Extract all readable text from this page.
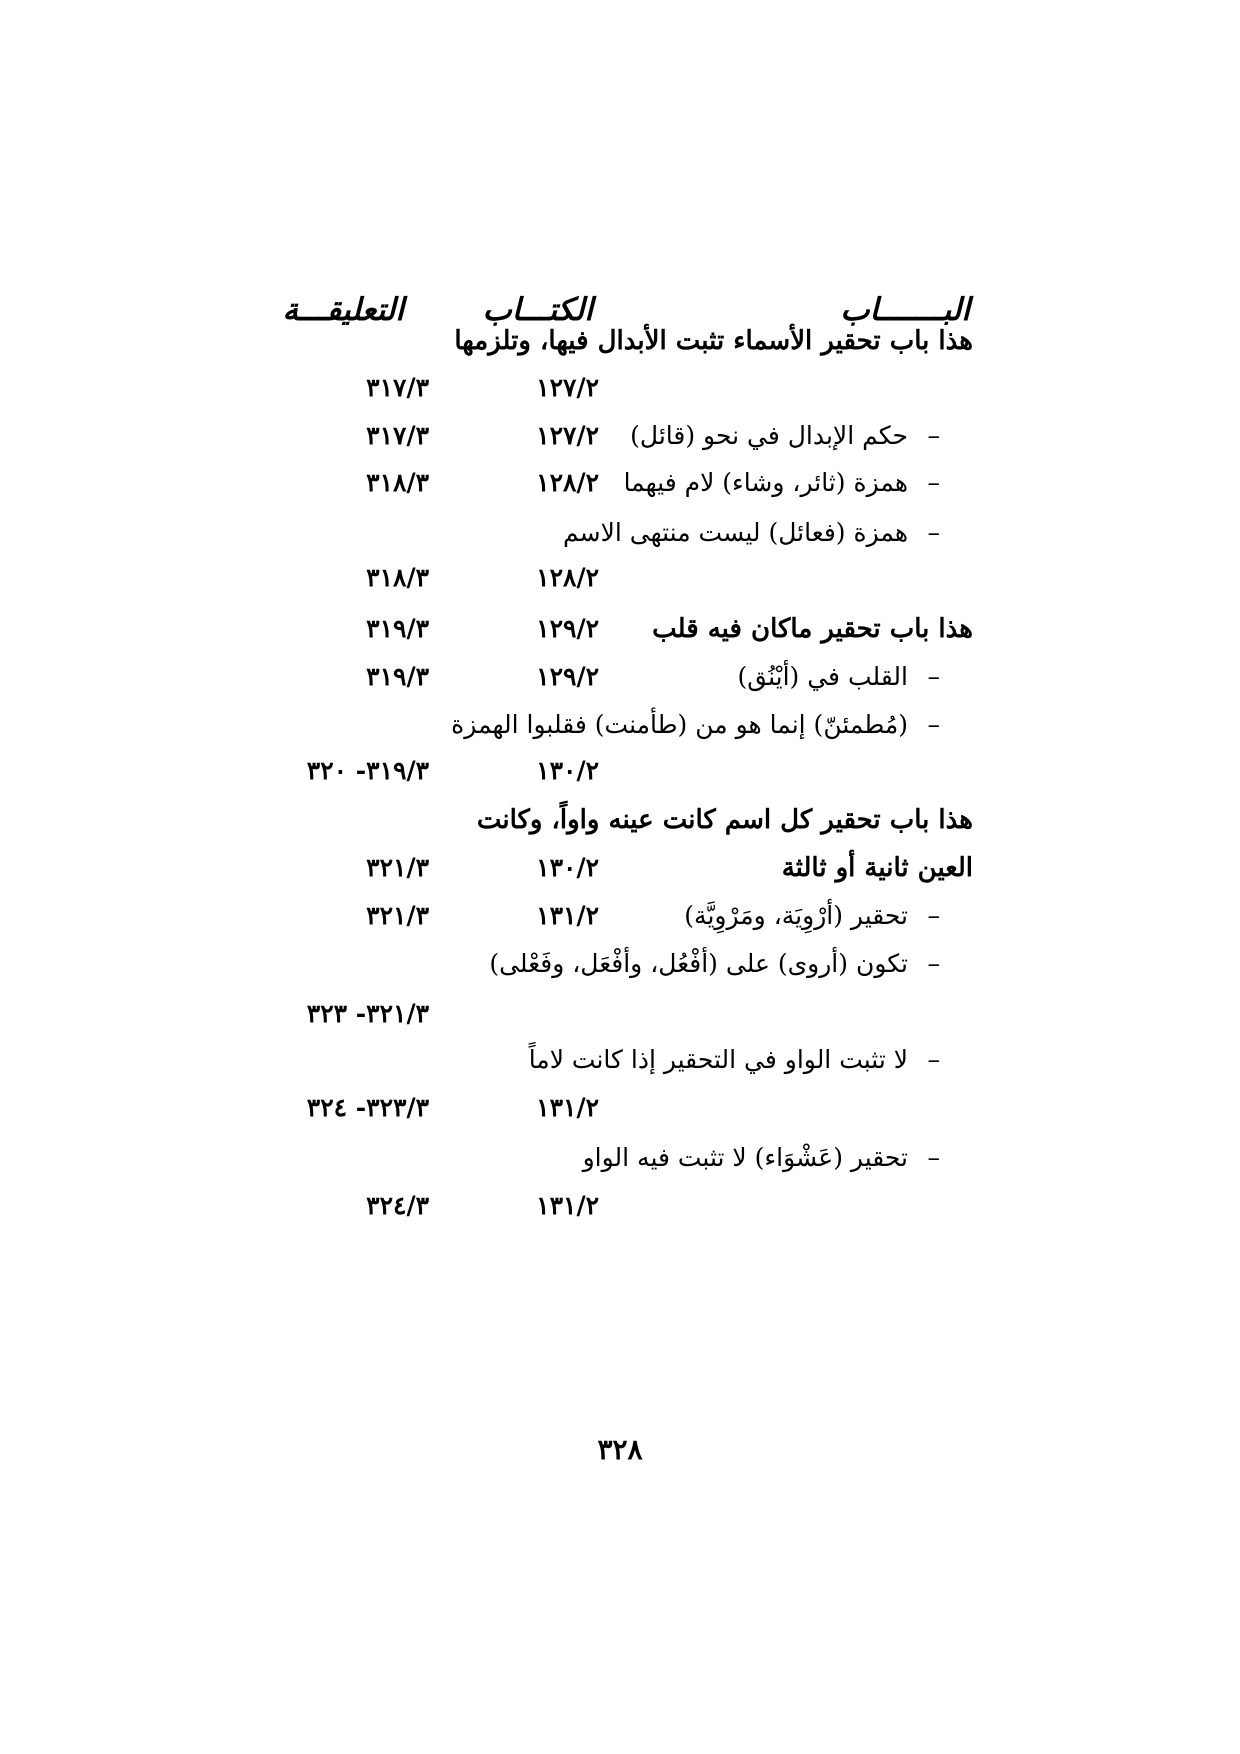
البـــــــاب
الكتـــاب
التعليقـــة
هذا باب تحقير الأسماء تثبت الأبدال فيها، وتلزمها
١٢٧/٢
٣١٧/٣
–
حكم الإبدال في نحو (قائل)
١٢٧/٢
٣١٧/٣
–
همزة (ثائر، وشاء) لام فيهما
١٢٨/٢
٣١٨/٣
–
همزة (فعائل) ليست منتهى الاسم
١٢٨/٢
٣١٨/٣
هذا باب تحقير ماكان فيه قلب
١٢٩/٢
٣١٩/٣
–
القلب في (أيْنُق)
١٢٩/٢
٣١٩/٣
–
(مُطمئنّ) إنما هو من (طأمنت) فقلبوا الهمزة
١٣٠/٢
٣١٩/٣- ٣٢٠
هذا باب تحقير كل اسم كانت عينه واواً، وكانت
العين ثانية أو ثالثة
١٣٠/٢
٣٢١/٣
–
تحقير (أرْوِيَة، ومَرْوِيَّة)
١٣١/٢
٣٢١/٣
–
تكون (أروى) على (أفْعُل، وأفْعَل، وفَعْلى)
٣٢١/٣- ٣٢٣
–
لا تثبت الواو في التحقير إذا كانت لاماً
١٣١/٢
٣٢٣/٣- ٣٢٤
–
تحقير (عَشْوَاء) لا تثبت فيه الواو
١٣١/٢
٣٢٤/٣
٣٢٨
